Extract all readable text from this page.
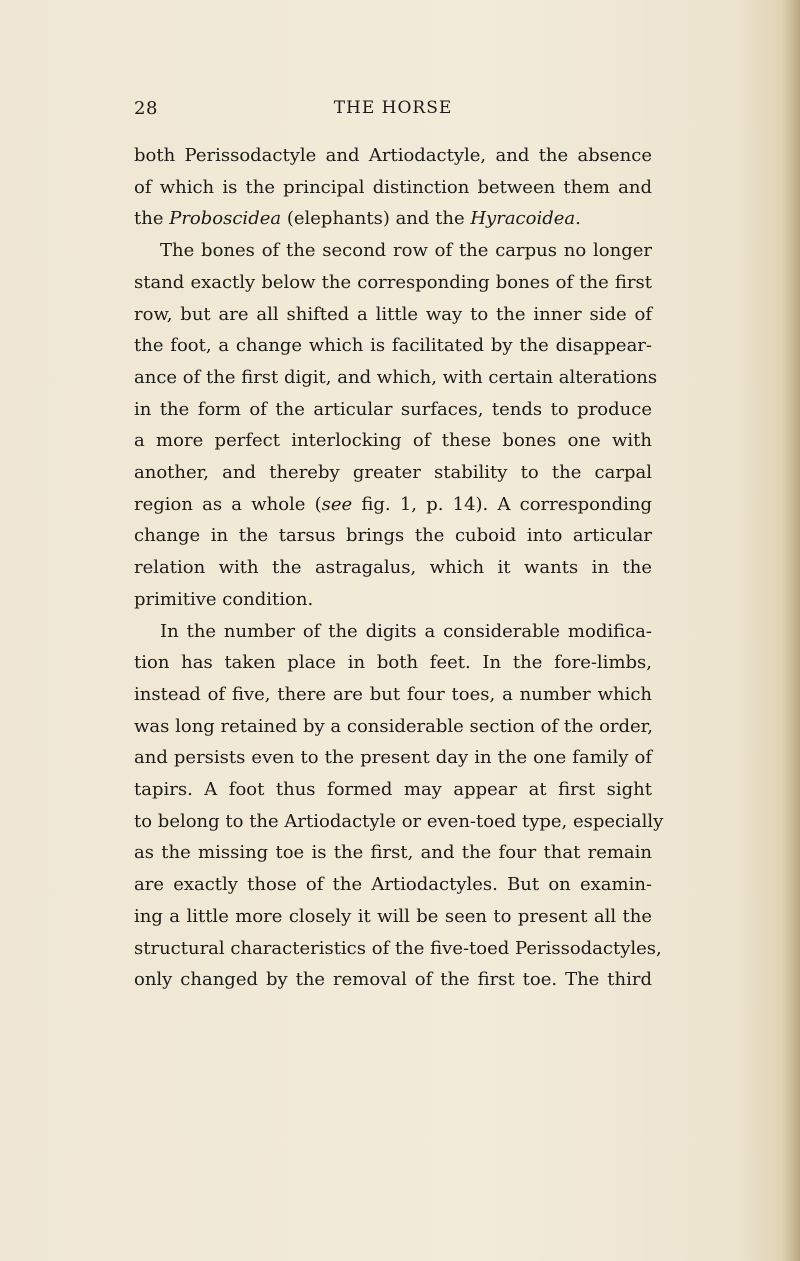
28	THE HORSE
both Perissodactyle and Artiodactyle, and the absence
of which is the principal distinction between them and
the Proboscidea (elephants) and the Hyracoidea.
The bones of the second row of the carpus no longer
stand exactly below the corresponding bones of the first
row, but are all shifted a little way to the inner side of
the foot, a change which is facilitated by the disappear-
ance of the first digit, and which, with certain alterations
in the form of the articular surfaces, tends to produce
a more perfect interlocking of these bones one with
another, and thereby greater stability to the carpal
region as a whole (see fig. 1, p. 14). A corresponding
change in the tarsus brings the cuboid into articular
relation with the astragalus, which it wants in the
primitive condition.
In the number of the digits a considerable modifica-
tion has taken place in both feet. In the fore-limbs,
instead of five, there are but four toes, a number which
was long retained by a considerable section of the order,
and persists even to the present day in the one family of
tapirs. A foot thus formed may appear at first sight
to belong to the Artiodactyle or even-toed type, especially
as the missing toe is the first, and the four that remain
are exactly those of the Artiodactyles. But on examin-
ing a little more closely it will be seen to present all the
structural characteristics of the five-toed Perissodactyles,
only changed by the removal of the first toe. The third
